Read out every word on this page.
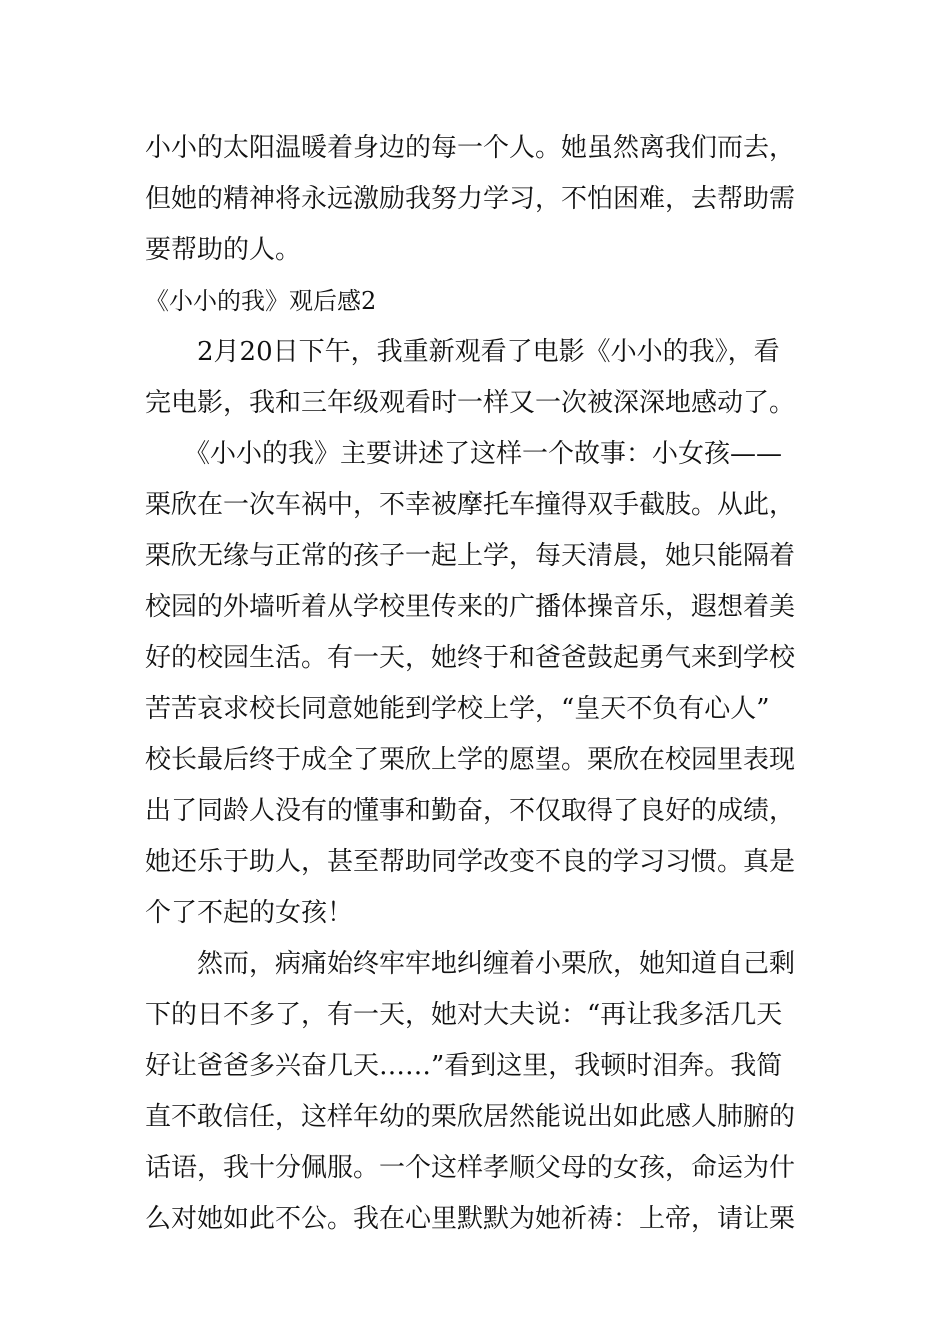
小小的太阳温暖着身边的每一个人。她虽然离我们而去，
但她的精神将永远激励我努力学习，不怕困难，去帮助需
要帮助的人。
《小小的我》观后感2
　　2月20日下午，我重新观看了电影《小小的我》，看
完电影，我和三年级观看时一样又一次被深深地感动了。
　　《小小的我》主要讲述了这样一个故事：小女孩——
栗欣在一次车祸中，不幸被摩托车撞得双手截肢。从此，
栗欣无缘与正常的孩子一起上学，每天清晨，她只能隔着
校园的外墙听着从学校里传来的广播体操音乐，遐想着美
好的校园生活。有一天，她终于和爸爸鼓起勇气来到学校
苦苦哀求校长同意她能到学校上学，“皇天不负有心人”
校长最后终于成全了栗欣上学的愿望。栗欣在校园里表现
出了同龄人没有的懂事和勤奋，不仅取得了良好的成绩，
她还乐于助人，甚至帮助同学改变不良的学习习惯。真是
个了不起的女孩！
　　然而，病痛始终牢牢地纠缠着小栗欣，她知道自己剩
下的日不多了，有一天，她对大夫说：“再让我多活几天
好让爸爸多兴奋几天……”看到这里，我顿时泪奔。我简
直不敢信任，这样年幼的栗欣居然能说出如此感人肺腑的
话语，我十分佩服。一个这样孝顺父母的女孩，命运为什
么对她如此不公。我在心里默默为她祈祷：上帝，请让栗
